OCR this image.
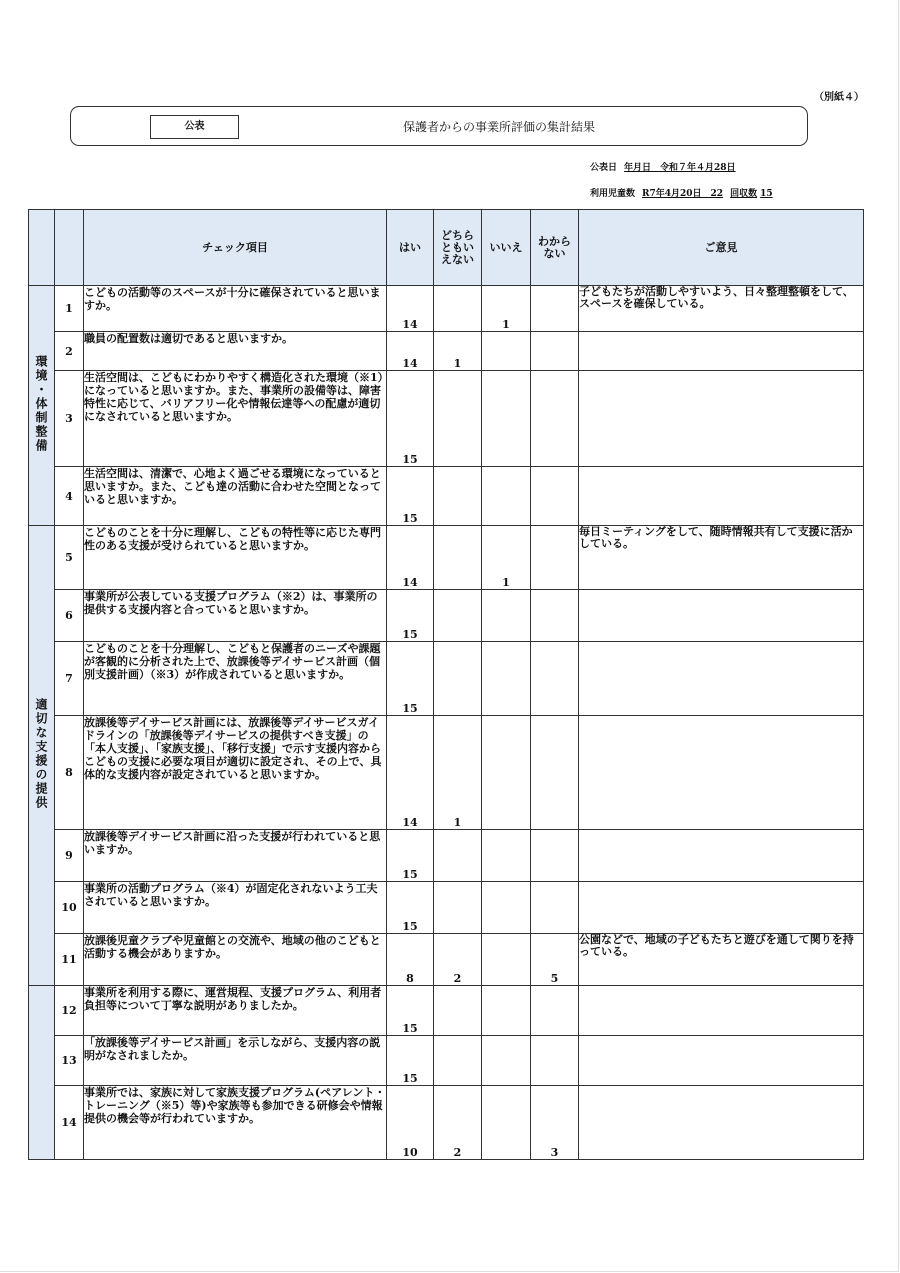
（別紙４）
公表	保護者からの事業所評価の集計結果
公表日 年月日　令和７年４月28日
利用児童数 R7年4月20日　22 回収数 15
		チェック項目	はい	どちらともいえない	いいえ	わからない	ご意見
環境・体制整備	1	こどもの活動等のスペースが十分に確保されていると思いますか。	14		1		子どもたちが活動しやすいよう、日々整理整頓をして、スペースを確保している。
	2	職員の配置数は適切であると思いますか。	14	1			
	3	生活空間は、こどもにわかりやすく構造化された環境（※1）になっていると思いますか。また、事業所の設備等は、障害特性に応じて、バリアフリー化や情報伝達等への配慮が適切になされていると思いますか。	15				
	4	生活空間は、清潔で、心地よく過ごせる環境になっていると思いますか。また、こども達の活動に合わせた空間となっていると思いますか。	15				
適切な支援の提供	5	こどものことを十分に理解し、こどもの特性等に応じた専門性のある支援が受けられていると思いますか。	14		1		毎日ミーティングをして、随時情報共有して支援に活かしている。
	6	事業所が公表している支援プログラム（※2）は、事業所の提供する支援内容と合っていると思いますか。	15				
	7	こどものことを十分理解し、こどもと保護者のニーズや課題が客観的に分析された上で、放課後等デイサービス計画（個別支援計画）（※3）が作成されていると思いますか。	15				
	8	放課後等デイサービス計画には、放課後等デイサービスガイドラインの「放課後等デイサービスの提供すべき支援」の「本人支援」、「家族支援」、「移行支援」で示す支援内容からこどもの支援に必要な項目が適切に設定され、その上で、具体的な支援内容が設定されていると思いますか。	14	1			
	9	放課後等デイサービス計画に沿った支援が行われていると思いますか。	15				
	10	事業所の活動プログラム（※4）が固定化されないよう工夫されていると思いますか。	15				
	11	放課後児童クラブや児童館との交流や、地域の他のこどもと活動する機会がありますか。	8	2		5	公園などで、地域の子どもたちと遊びを通して関りを持っている。
	12	事業所を利用する際に、運営規程、支援プログラム、利用者負担等について丁寧な説明がありましたか。	15				
	13	「放課後等デイサービス計画」を示しながら、支援内容の説明がなされましたか。	15				
	14	事業所では、家族に対して家族支援プログラム(ペアレント・トレーニング（※5）等)や家族等も参加できる研修会や情報提供の機会等が行われていますか。	10	2		3	
